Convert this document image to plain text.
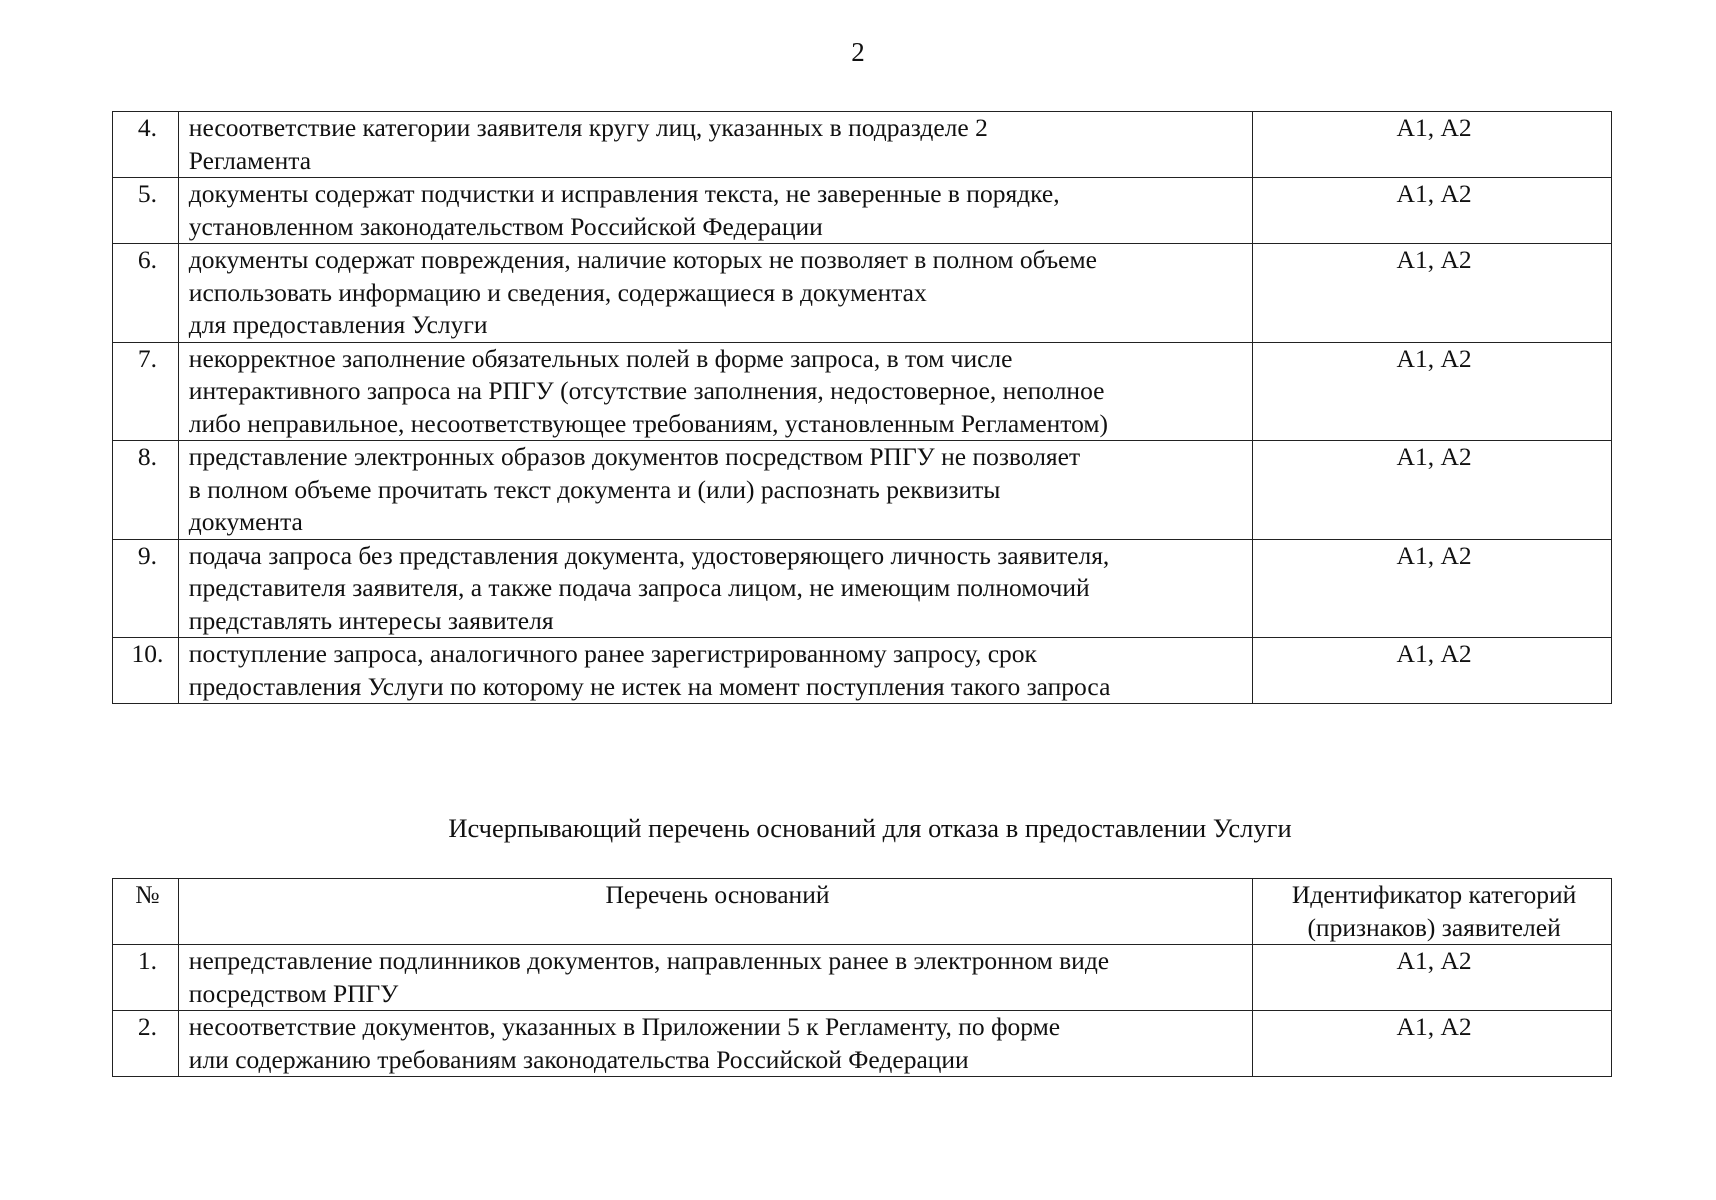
2
4.	несоответствие категории заявителя кругу лиц, указанных в подразделе 2
Регламента	А1, А2
5.	документы содержат подчистки и исправления текста, не заверенные в порядке,
установленном законодательством Российской Федерации	А1, А2
6.	документы содержат повреждения, наличие которых не позволяет в полном объеме
использовать информацию и сведения, содержащиеся в документах
для предоставления Услуги	А1, А2
7.	некорректное заполнение обязательных полей в форме запроса, в том числе
интерактивного запроса на РПГУ (отсутствие заполнения, недостоверное, неполное
либо неправильное, несоответствующее требованиям, установленным Регламентом)	А1, А2
8.	представление электронных образов документов посредством РПГУ не позволяет
в полном объеме прочитать текст документа и (или) распознать реквизиты
документа	А1, А2
9.	подача запроса без представления документа, удостоверяющего личность заявителя,
представителя заявителя, а также подача запроса лицом, не имеющим полномочий
представлять интересы заявителя	А1, А2
10.	поступление запроса, аналогичного ранее зарегистрированному запросу, срок
предоставления Услуги по которому не истек на момент поступления такого запроса	А1, А2
Исчерпывающий перечень оснований для отказа в предоставлении Услуги
№	Перечень оснований	Идентификатор категорий
(признаков) заявителей

1.	непредставление подлинников документов, направленных ранее в электронном виде
посредством РПГУ	А1, А2
2.	несоответствие документов, указанных в Приложении 5 к Регламенту, по форме
или содержанию требованиям законодательства Российской Федерации	А1, А2
